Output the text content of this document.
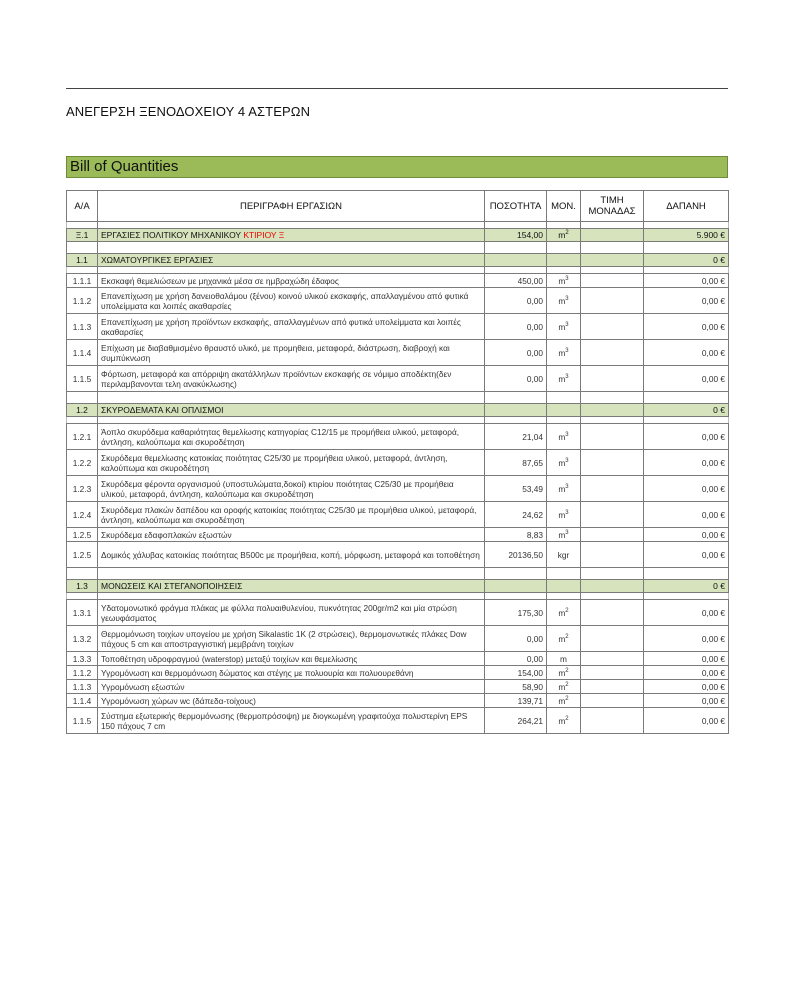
ΑΝΕΓΕΡΣΗ ΞΕΝΟΔΟΧΕΙΟΥ 4 ΑΣΤΕΡΩΝ
Bill of Quantities
Α/Α	ΠΕΡΙΓΡΑΦΗ ΕΡΓΑΣΙΩΝ	ΠΟΣΟΤΗΤΑ	ΜΟΝ.	ΤΙΜΗ ΜΟΝΑΔΑΣ	ΔΑΠΑΝΗ

Ξ.1	ΕΡΓΑΣΙΕΣ ΠΟΛΙΤΙΚΟΥ ΜΗΧΑΝΙΚΟΥ ΚΤΙΡΙΟΥ Ξ	154,00	$m^2$		5.900 €

1.1	ΧΩΜΑΤΟΥΡΓΙΚΕΣ ΕΡΓΑΣΙΕΣ				0 €

1.1.1	Εκσκαφή θεμελιώσεων με μηχανικά μέσα σε ημβραχώδη έδαφος	450,00	$m^3$		0,00 €
1.1.2	Επανεπίχωση με χρήση δανειοθαλάμου (ξένου) κοινού υλικού εκσκαφής, απαλλαγμένου από φυτικά υπολείμματα και λοιπές ακαθαρσίες	0,00	$m^3$		0,00 €
1.1.3	Επανεπίχωση με χρήση προϊόντων εκσκαφής, απαλλαγμένων από φυτικά υπολείμματα και λοιπές ακαθαρσίες	0,00	$m^3$		0,00 €
1.1.4	Επίχωση με διαβαθμισμένο θραυστό υλικό, με προμηθεια, μεταφορά, διάστρωση, διαβροχή και συμπύκνωση	0,00	$m^3$		0,00 €
1.1.5	Φόρτωση, μεταφορά και απόρριψη ακατάλληλων προϊόντων εκσκαφής σε νόμιμο αποδέκτη(δεν περιλαμβανονται τελη ανακύκλωσης)	0,00	$m^3$		0,00 €

1.2	ΣΚΥΡΟΔΕΜΑΤΑ ΚΑΙ ΟΠΛΙΣΜΟΙ				0 €

1.2.1	Άοπλο σκυρόδεμα καθαριότητας θεμελίωσης κατηγορίας C12/15 με προμήθεια υλικού, μεταφορά, άντληση, καλούπωμα και σκυροδέτηση	21,04	$m^3$		0,00 €
1.2.2	Σκυρόδεμα θεμελίωσης κατοικίας ποιότητας C25/30 με προμήθεια υλικού, μεταφορά, άντληση, καλούπωμα και σκυροδέτηση	87,65	$m^3$		0,00 €
1.2.3	Σκυρόδεμα φέροντα οργανισμού (υποστυλώματα,δοκοί) κτιρίου ποιότητας C25/30 με προμήθεια υλικού, μεταφορά, άντληση, καλούπωμα και σκυροδέτηση	53,49	$m^3$		0,00 €
1.2.4	Σκυρόδεμα πλακών δαπέδου και οροφής κατοικίας ποιότητας C25/30 με προμήθεια υλικού, μεταφορά, άντληση, καλούπωμα και σκυροδέτηση	24,62	$m^3$		0,00 €
1.2.5	Σκυρόδεμα εδαφοπλακών εξωστών	8,83	$m^3$		0,00 €
1.2.5	Δομικός χάλυβας κατοικίας ποιότητας B500c με προμήθεια, κοπή, μόρφωση, μεταφορά και τοποθέτηση	20136,50	kgr		0,00 €

1.3	ΜΟΝΩΣΕΙΣ ΚΑΙ ΣΤΕΓΑΝΟΠΟΙΗΣΕΙΣ				0 €

1.3.1	Υδατομονωτικό φράγμα πλάκας με φύλλα πολυαιθυλενίου, πυκνότητας 200gr/m2 και μία στρώση γεωυφάσματος	175,30	$m^2$		0,00 €
1.3.2	Θερμομόνωση τοιχίων υπογείου με χρήση Sikalastic 1K (2 στρώσεις), θερμομονωτικές πλάκες Dow πάχους 5 cm και αποστραγγιστική μεμβράνη τοιχίων	0,00	$m^2$		0,00 €
1.3.3	Τοποθέτηση υδροφραγμού (waterstop) μεταξύ τοιχίων και θεμελίωσης	0,00	m		0,00 €
1.1.2	Υγρομόνωση και θερμομόνωση δώματος και στέγης με πολυουρία και πολυουρεθάνη	154,00	$m^2$		0,00 €
1.1.3	Υγρομόνωση εξωστών	58,90	$m^2$		0,00 €
1.1.4	Υγρομόνωση χώρων wc (δάπεδα-τοίχους)	139,71	$m^2$		0,00 €
1.1.5	Σύστημα εξωτερικής θερμομόνωσης (θερμοπρόσοψη) με διογκωμένη γραφιτούχα πολυστερίνη EPS 150 πάχους 7 cm	264,21	$m^2$		0,00 €
